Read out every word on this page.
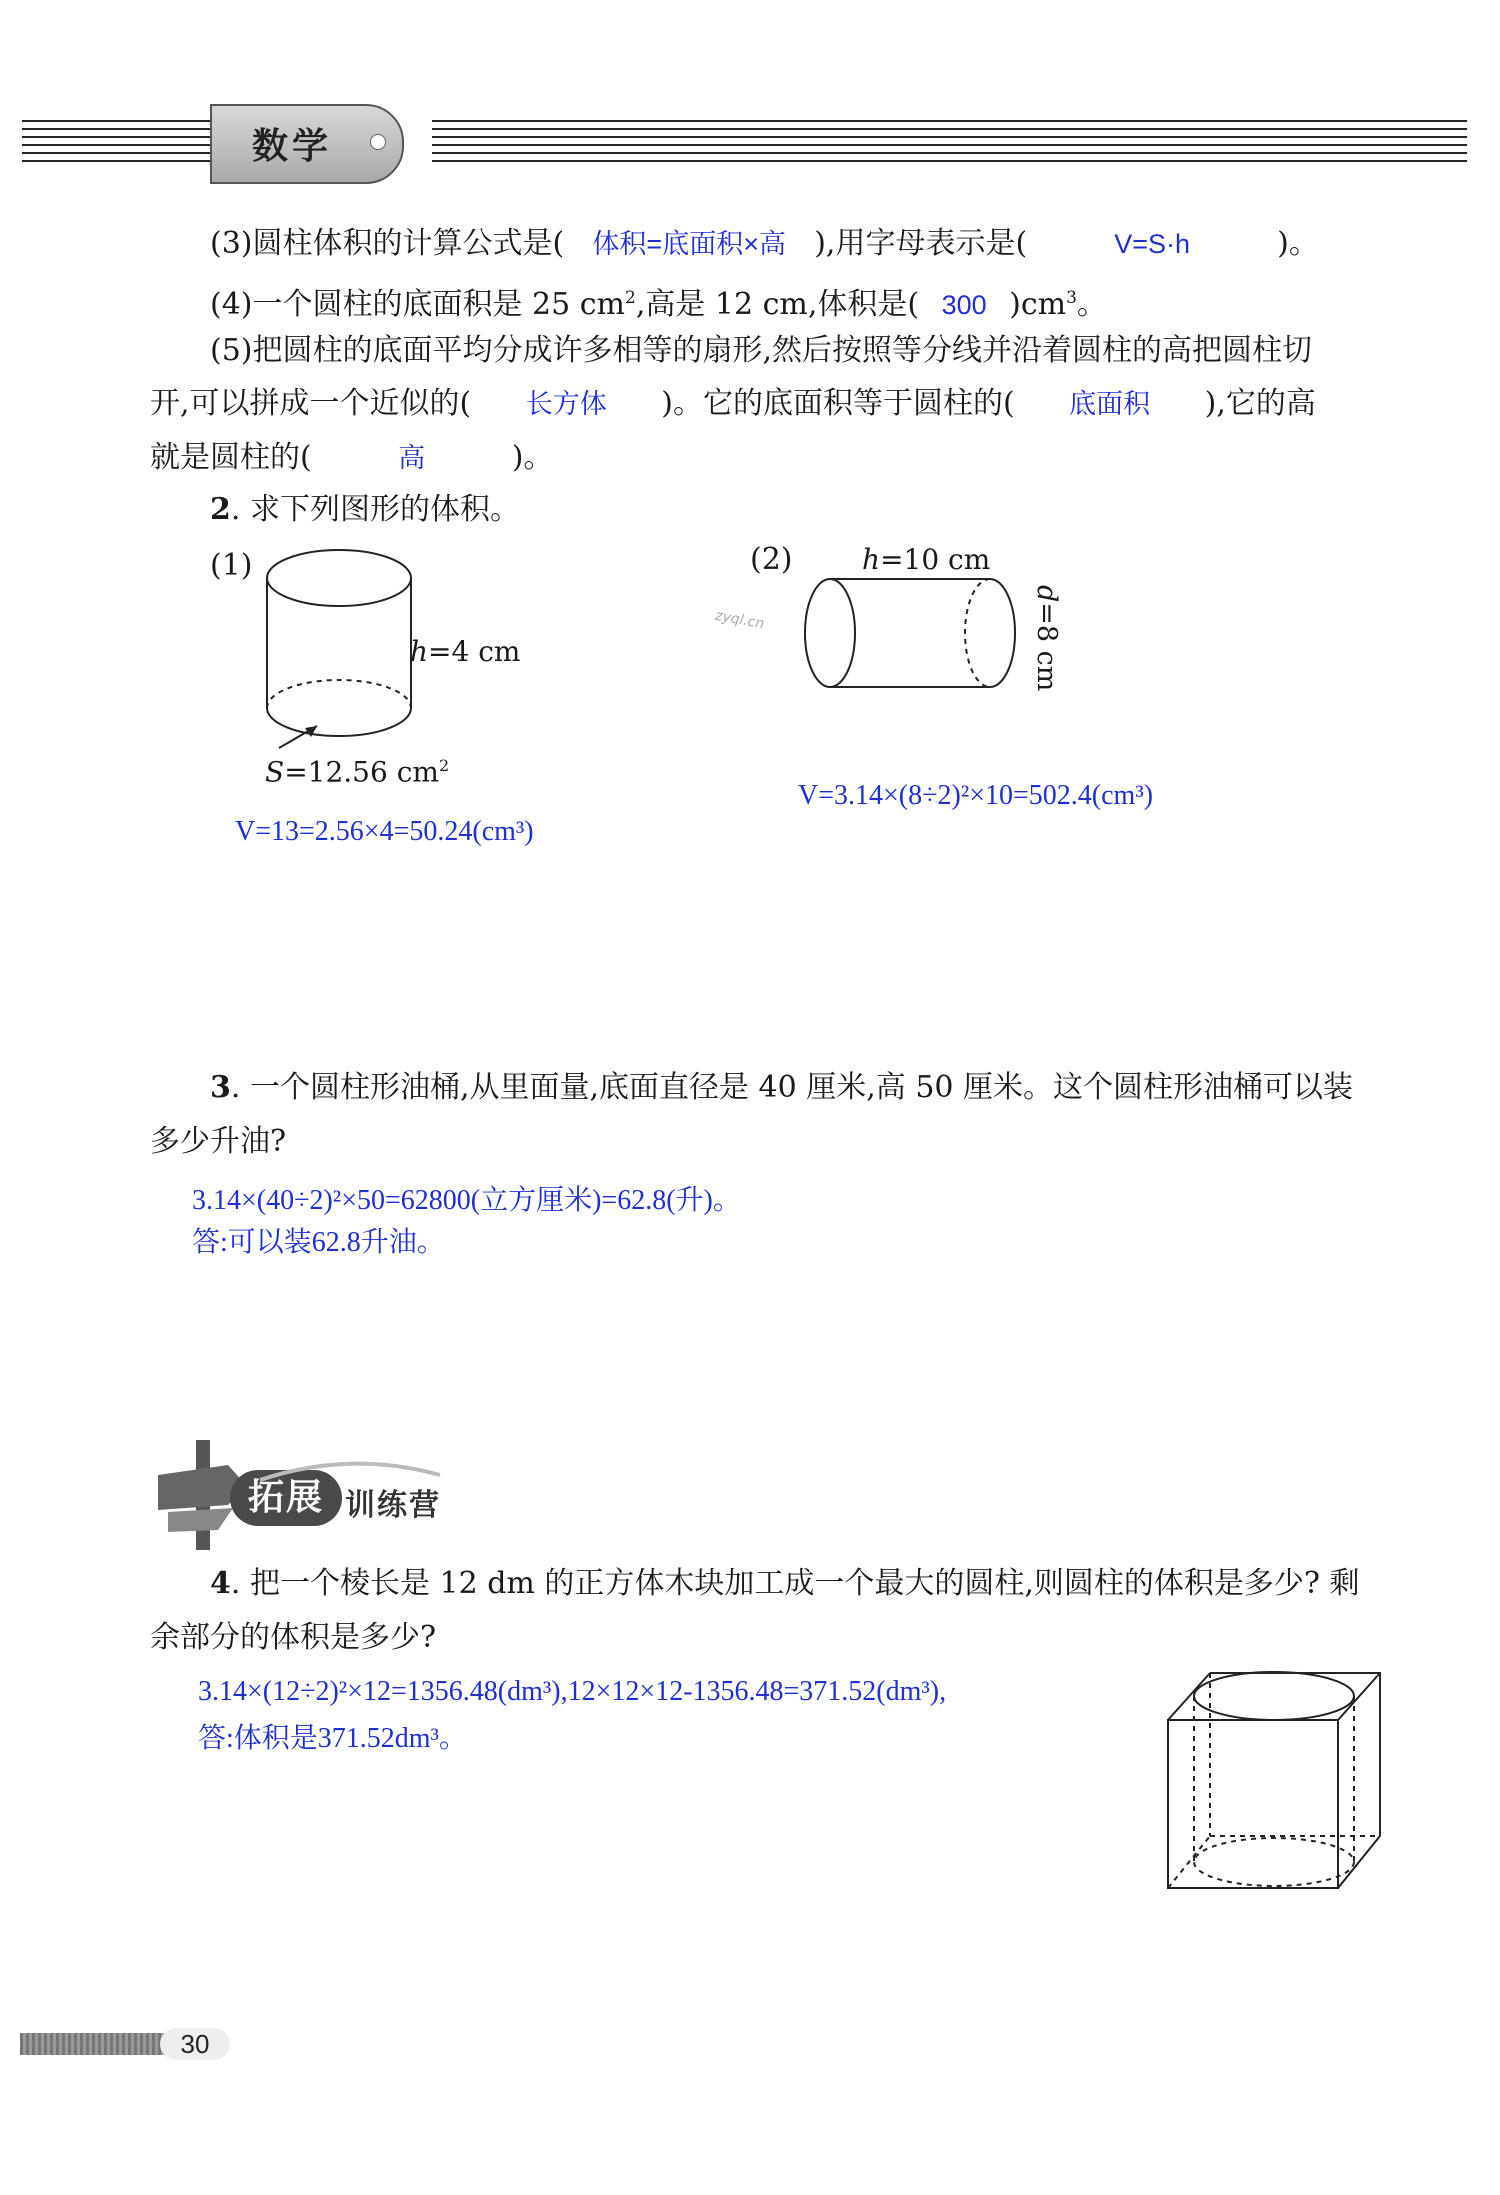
数学
(3)圆柱体积的计算公式是( 体积=底面积×高 ),用字母表示是(	V=S·h	)。
(4)一个圆柱的底面积是 25 $cm^2$,高是 12 cm,体积是( 300 )$cm^3$。
(5)把圆柱的底面平均分成许多相等的扇形,然后按照等分线并沿着圆柱的高把圆柱切
开,可以拼成一个近似的( 长方体 )。它的底面积等于圆柱的( 底面积 ),它的高
就是圆柱的(	高	)。
2. 求下列图形的体积。
(1)
h=4 cm
S=12.56 $cm^2$
(2) h=10 cm
d=8 cm
zyql.cn
V=13=2.56×4=50.24(cm³)
V=3.14×(8÷2)²×10=502.4(cm³)
3. 一个圆柱形油桶,从里面量,底面直径是 40 厘米,高 50 厘米。这个圆柱形油桶可以装
多少升油?
3.14×(40÷2)²×50=62800(立方厘米)=62.8(升)。
答:可以装62.8升油。
拓展 训练营
4. 把一个棱长是 12 dm 的正方体木块加工成一个最大的圆柱,则圆柱的体积是多少? 剩
余部分的体积是多少?
3.14×(12÷2)²×12=1356.48(dm³),12×12×12-1356.48=371.52(dm³),
答:体积是371.52dm³。
30
